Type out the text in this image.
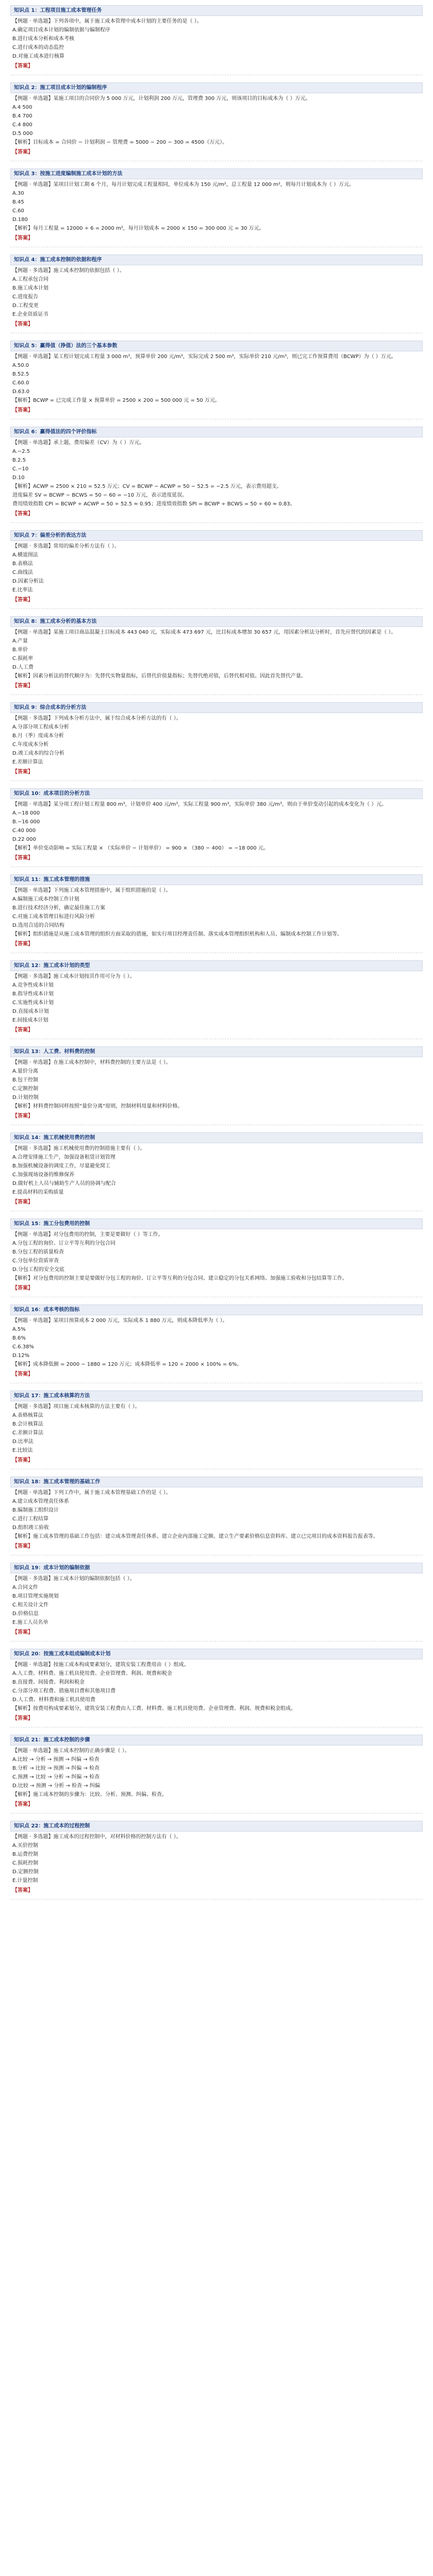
知识点 1：工程项目施工成本管理任务
【例题 · 单选题】下列各项中，属于施工成本管理中成本计划的主要任务的是（ ）。
A.确定项目成本计划的编制依据与编制程序
B.进行成本分析和成本考核
C.进行成本的动态监控
D.对施工成本进行核算
【答案】
知识点 2：施工项目成本计划的编制程序
【例题 · 单选题】某施工项目的合同价为 5 000 万元，计划利润 200 万元，管理费 300 万元，则该项目的目标成本为（ ）万元。
A.4 500
B.4 700
C.4 800
D.5 000
【解析】目标成本 = 合同价 − 计划利润 − 管理费 = 5000 − 200 − 300 = 4500（万元）。
【答案】
知识点 3：按施工进度编制施工成本计划的方法
【例题 · 单选题】某项目计划工期 6 个月，每月计划完成工程量相同，单位成本为 150 元/m²，总工程量 12 000 m²，则每月计划成本为（ ）万元。
A.30
B.45
C.60
D.180
【解析】每月工程量 = 12000 ÷ 6 = 2000 m²，每月计划成本 = 2000 × 150 = 300 000 元 = 30 万元。
【答案】
知识点 4：施工成本控制的依据和程序
【例题 · 多选题】施工成本控制的依据包括（ ）。
A.工程承包合同
B.施工成本计划
C.进度报告
D.工程变更
E.企业资质证书
【答案】
知识点 5：赢得值（挣值）法的三个基本参数
【例题 · 单选题】某工程计划完成工程量 3 000 m³，预算单价 200 元/m³，实际完成 2 500 m³，实际单价 210 元/m³，则已完工作预算费用（BCWP）为（ ）万元。
A.50.0
B.52.5
C.60.0
D.63.0
【解析】BCWP = 已完成工作量 × 预算单价 = 2500 × 200 = 500 000 元 = 50 万元。
【答案】
知识点 6：赢得值法的四个评价指标
【例题 · 单选题】承上题，费用偏差（CV）为（ ）万元。
A.−2.5
B.2.5
C.−10
D.10
【解析】ACWP = 2500 × 210 = 52.5 万元；CV = BCWP − ACWP = 50 − 52.5 = −2.5 万元，表示费用超支。
进度偏差 SV = BCWP − BCWS = 50 − 60 = −10 万元，表示进度延误。
费用绩效指数 CPI = BCWP ÷ ACWP = 50 ÷ 52.5 ≈ 0.95；进度绩效指数 SPI = BCWP ÷ BCWS = 50 ÷ 60 ≈ 0.83。
【答案】
知识点 7：偏差分析的表达方法
【例题 · 多选题】常用的偏差分析方法有（ ）。
A.横道图法
B.表格法
C.曲线法
D.因素分析法
E.比率法
【答案】
知识点 8：施工成本分析的基本方法
【例题 · 单选题】某施工项目商品混凝土目标成本 443 040 元，实际成本 473 697 元，比目标成本增加 30 657 元，用因素分析法分析时，首先应替代的因素是（ ）。
A.产量
B.单价
C.损耗率
D.人工费
【解析】因素分析法的替代顺序为：先替代实物量指标，后替代价值量指标；先替代绝对值，后替代相对值。因此首先替代产量。
【答案】
知识点 9：综合成本的分析方法
【例题 · 多选题】下列成本分析方法中，属于综合成本分析方法的有（ ）。
A.分部分项工程成本分析
B.月（季）度成本分析
C.年度成本分析
D.竣工成本的综合分析
E.差额计算法
【答案】
知识点 10：成本项目的分析方法
【例题 · 单选题】某分项工程计划工程量 800 m³，计划单价 400 元/m³，实际工程量 900 m³，实际单价 380 元/m³，则由于单价变动引起的成本变化为（ ）元。
A.−18 000
B.−16 000
C.40 000
D.22 000
【解析】单价变动影响 = 实际工程量 × （实际单价 − 计划单价） = 900 × （380 − 400） = −18 000 元。
【答案】
知识点 11：施工成本管理的措施
【例题 · 单选题】下列施工成本管理措施中，属于组织措施的是（ ）。
A.编制施工成本控制工作计划
B.进行技术经济分析，确定最佳施工方案
C.对施工成本管理目标进行风险分析
D.选用合适的合同结构
【解析】组织措施是从施工成本管理的组织方面采取的措施，如实行项目经理责任制、落实成本管理组织机构和人员、编制成本控制工作计划等。
【答案】
知识点 12：施工成本计划的类型
【例题 · 多选题】施工成本计划按其作用可分为（ ）。
A.竞争性成本计划
B.指导性成本计划
C.实施性成本计划
D.直接成本计划
E.间接成本计划
【答案】
知识点 13：人工费、材料费的控制
【例题 · 单选题】在施工成本控制中，材料费控制的主要方法是（ ）。
A.量价分离
B.包干控制
C.定额控制
D.计划控制
【解析】材料费控制同样按照“量价分离”原则，控制材料用量和材料价格。
【答案】
知识点 14：施工机械使用费的控制
【例题 · 多选题】施工机械使用费的控制措施主要有（ ）。
A.合理安排施工生产，加强设备租赁计划管理
B.加强机械设备的调度工作，尽量避免窝工
C.加强现场设备的维修保养
D.做好机上人员与辅助生产人员的协调与配合
E.提高材料的采购质量
【答案】
知识点 15：施工分包费用的控制
【例题 · 单选题】对分包费用的控制，主要是要做好（ ）等工作。
A.分包工程的询价、订立平等互利的分包合同
B.分包工程的质量检查
C.分包单位资质审查
D.分包工程的安全交底
【解析】对分包费用的控制主要是要做好分包工程的询价、订立平等互利的分包合同、建立稳定的分包关系网络、加强施工验收和分包结算等工作。
【答案】
知识点 16：成本考核的指标
【例题 · 单选题】某项目预算成本 2 000 万元，实际成本 1 880 万元，则成本降低率为（ ）。
A.5%
B.6%
C.6.38%
D.12%
【解析】成本降低额 = 2000 − 1880 = 120 万元；成本降低率 = 120 ÷ 2000 × 100% = 6%。
【答案】
知识点 17：施工成本核算的方法
【例题 · 多选题】项目施工成本核算的方法主要有（ ）。
A.表格核算法
B.会计核算法
C.差额计算法
D.比率法
E.比较法
【答案】
知识点 18：施工成本管理的基础工作
【例题 · 单选题】下列工作中，属于施工成本管理基础工作的是（ ）。
A.建立成本管理责任体系
B.编制施工组织设计
C.进行工程结算
D.组织竣工验收
【解析】施工成本管理的基础工作包括：建立成本管理责任体系、建立企业内部施工定额、建立生产要素价格信息资料库、建立已完项目的成本资料报告报表等。
【答案】
知识点 19：成本计划的编制依据
【例题 · 多选题】施工成本计划的编制依据包括（ ）。
A.合同文件
B.项目管理实施规划
C.相关设计文件
D.价格信息
E.施工人员名单
【答案】
知识点 20：按施工成本组成编制成本计划
【例题 · 单选题】按施工成本构成要素划分，建筑安装工程费用由（ ）组成。
A.人工费、材料费、施工机具使用费、企业管理费、利润、规费和税金
B.直接费、间接费、利润和税金
C.分部分项工程费、措施项目费和其他项目费
D.人工费、材料费和施工机具使用费
【解析】按费用构成要素划分，建筑安装工程费由人工费、材料费、施工机具使用费、企业管理费、利润、规费和税金组成。
【答案】
知识点 21：施工成本控制的步骤
【例题 · 单选题】施工成本控制的正确步骤是（ ）。
A.比较 → 分析 → 预测 → 纠偏 → 检查
B.分析 → 比较 → 预测 → 纠偏 → 检查
C.预测 → 比较 → 分析 → 纠偏 → 检查
D.比较 → 预测 → 分析 → 检查 → 纠偏
【解析】施工成本控制的步骤为：比较、分析、预测、纠偏、检查。
【答案】
知识点 22：施工成本的过程控制
【例题 · 多选题】施工成本的过程控制中，对材料价格的控制方法有（ ）。
A.买价控制
B.运费控制
C.损耗控制
D.定额控制
E.计量控制
【答案】
